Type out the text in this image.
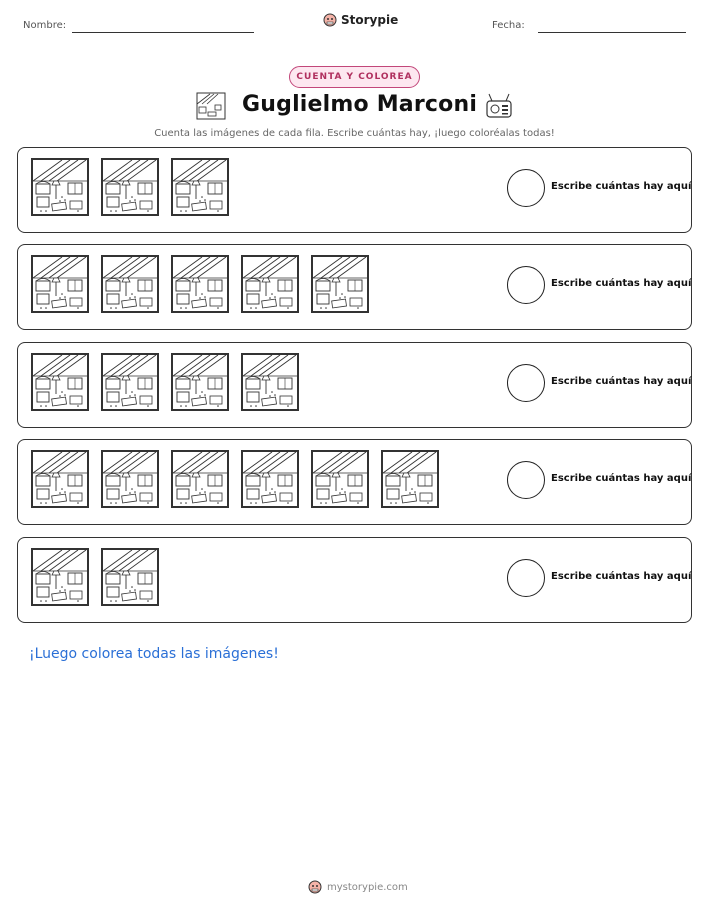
Nombre:	Storypie	Fecha:
CUENTA Y COLOREA
Guglielmo Marconi
Cuenta las imágenes de cada fila. Escribe cuántas hay, ¡luego coloréalas todas!
Escribe cuántas hay aquí
Escribe cuántas hay aquí
Escribe cuántas hay aquí
Escribe cuántas hay aquí
Escribe cuántas hay aquí
¡Luego colorea todas las imágenes!
mystorypie.com
